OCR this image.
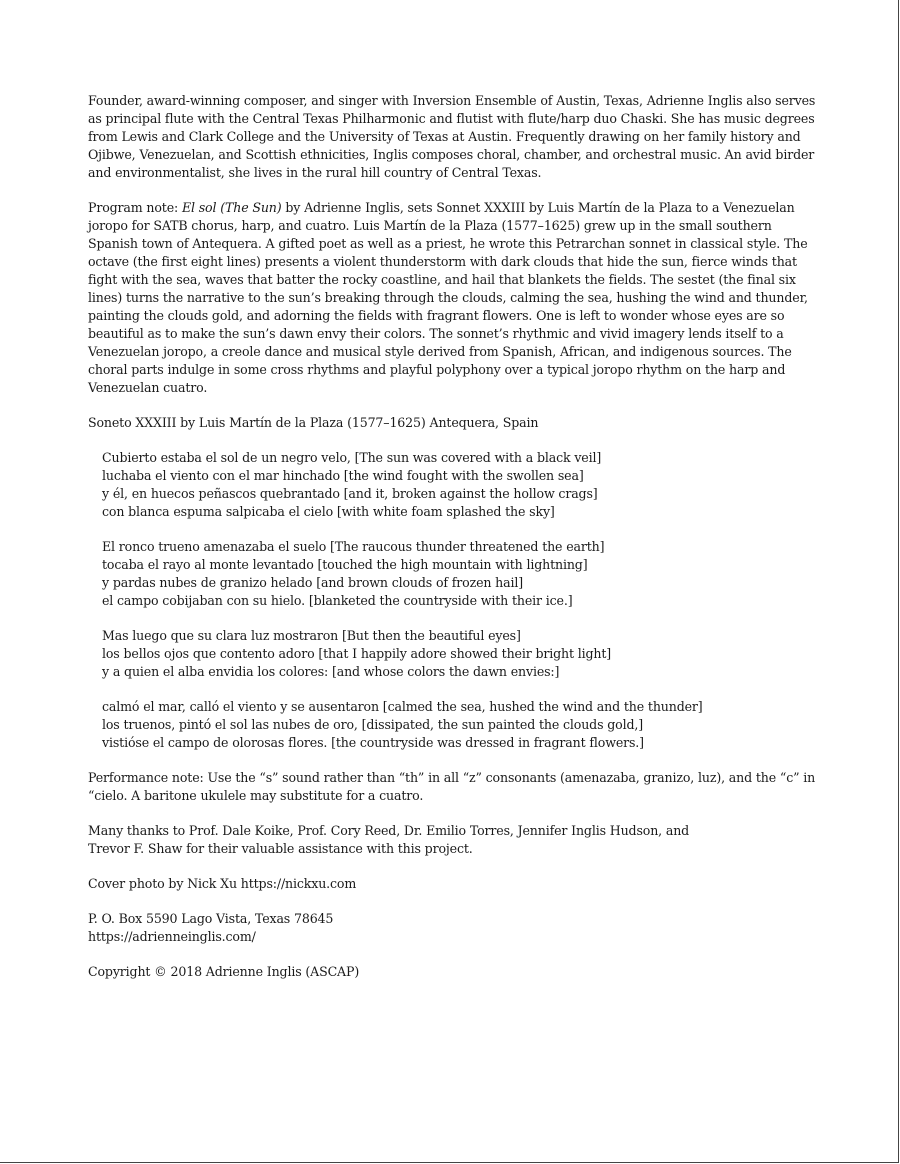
Founder, award-winning composer, and singer with Inversion Ensemble of Austin, Texas, Adrienne Inglis also serves as principal flute with the Central Texas Philharmonic and flutist with flute/harp duo Chaski. She has music degrees from Lewis and Clark College and the University of Texas at Austin. Frequently drawing on her family history and Ojibwe, Venezuelan, and Scottish ethnicities, Inglis composes choral, chamber, and orchestral music. An avid birder and environmentalist, she lives in the rural hill country of Central Texas.

Program note: El sol (The Sun) by Adrienne Inglis, sets Sonnet XXXIII by Luis Martín de la Plaza to a Venezuelan joropo for SATB chorus, harp, and cuatro. Luis Martín de la Plaza (1577–1625) grew up in the small southern Spanish town of Antequera. A gifted poet as well as a priest, he wrote this Petrarchan sonnet in classical style. The octave (the first eight lines) presents a violent thunderstorm with dark clouds that hide the sun, fierce winds that fight with the sea, waves that batter the rocky coastline, and hail that blankets the fields. The sestet (the final six lines) turns the narrative to the sun’s breaking through the clouds, calming the sea, hushing the wind and thunder, painting the clouds gold, and adorning the fields with fragrant flowers. One is left to wonder whose eyes are so beautiful as to make the sun’s dawn envy their colors. The sonnet’s rhythmic and vivid imagery lends itself to a Venezuelan joropo, a creole dance and musical style derived from Spanish, African, and indigenous sources. The choral parts indulge in some cross rhythms and playful polyphony over a typical joropo rhythm on the harp and Venezuelan cuatro.

Soneto XXXIII by Luis Martín de la Plaza (1577–1625) Antequera, Spain

Cubierto estaba el sol de un negro velo, [The sun was covered with a black veil]
luchaba el viento con el mar hinchado [the wind fought with the swollen sea]
y él, en huecos peñascos quebrantado [and it, broken against the hollow crags]
con blanca espuma salpicaba el cielo [with white foam splashed the sky]
El ronco trueno amenazaba el suelo [The raucous thunder threatened the earth]
tocaba el rayo al monte levantado [touched the high mountain with lightning]
y pardas nubes de granizo helado [and brown clouds of frozen hail]
el campo cobijaban con su hielo. [blanketed the countryside with their ice.]
Mas luego que su clara luz mostraron [But then the beautiful eyes]
los bellos ojos que contento adoro [that I happily adore showed their bright light]
y a quien el alba envidia los colores: [and whose colors the dawn envies:]
calmó el mar, calló el viento y se ausentaron [calmed the sea, hushed the wind and the thunder]
los truenos, pintó el sol las nubes de oro, [dissipated, the sun painted the clouds gold,]
vistióse el campo de olorosas flores. [the countryside was dressed in fragrant flowers.]

Performance note: Use the “s” sound rather than “th” in all “z” consonants (amenazaba, granizo, luz), and the “c” in “cielo. A baritone ukulele may substitute for a cuatro.

Many thanks to Prof. Dale Koike, Prof. Cory Reed, Dr. Emilio Torres, Jennifer Inglis Hudson, and
Trevor F. Shaw for their valuable assistance with this project.

Cover photo by Nick Xu https://nickxu.com

P. O. Box 5590 Lago Vista, Texas 78645
https://adrienneinglis.com/

Copyright © 2018 Adrienne Inglis (ASCAP)
